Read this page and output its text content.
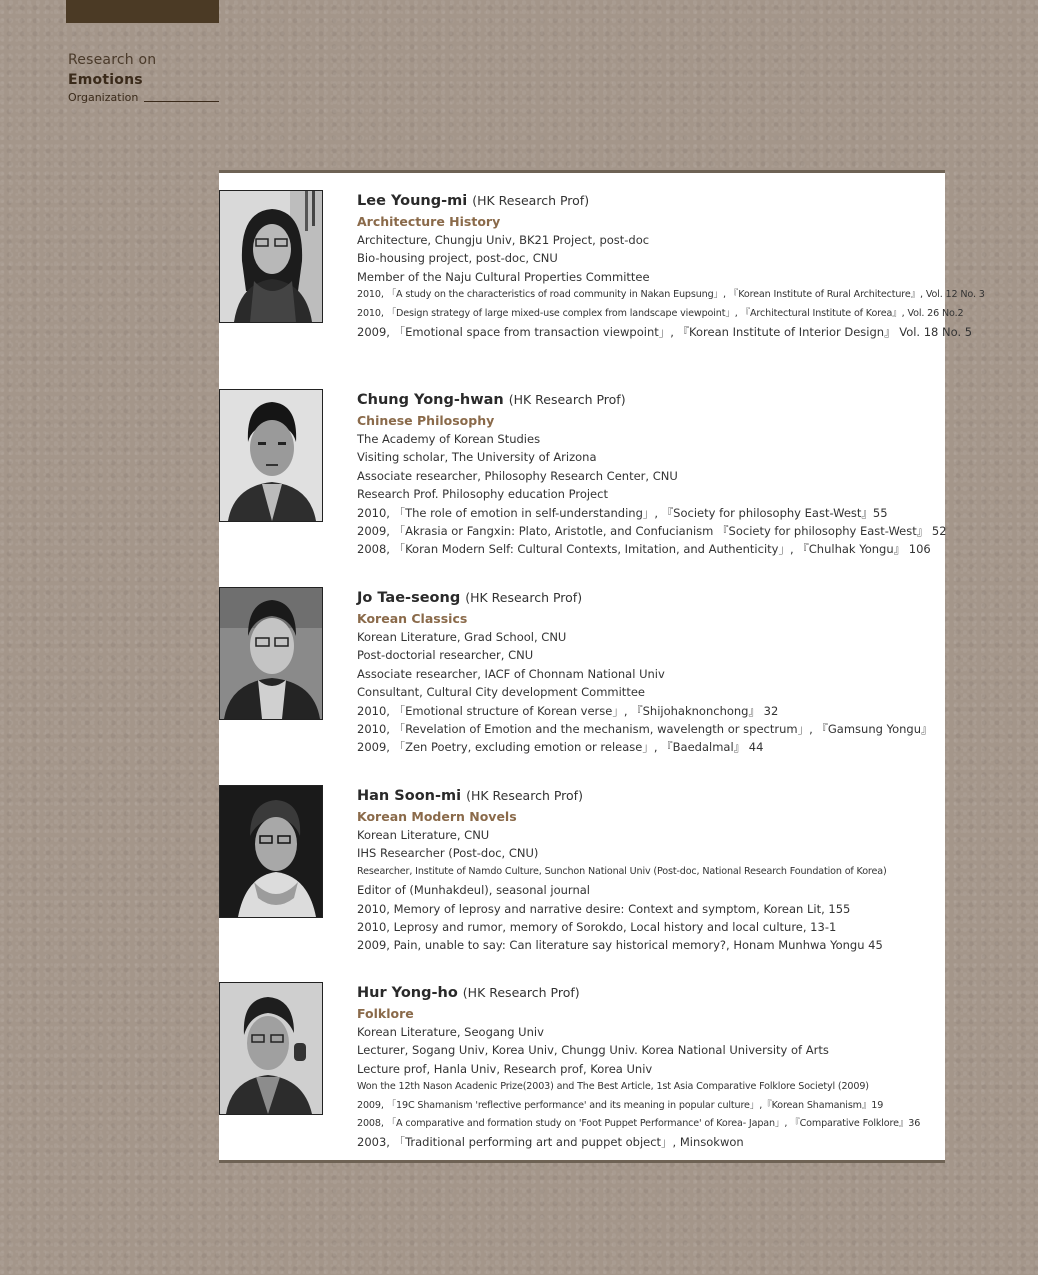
Research on Emotions
Organization
Lee Young-mi (HK Research Prof)
Architecture History
Architecture, Chungju Univ, BK21 Project, post-doc
Bio-housing project, post-doc, CNU
Member of the Naju Cultural Properties Committee
2010, 「A study on the characteristics of road community in Nakan Eupsung」, 『Korean Institute of Rural Architecture』, Vol. 12 No. 3
2010, 「Design strategy of large mixed-use complex from landscape viewpoint」, 『Architectural Institute of Korea』, Vol. 26 No.2
2009, 「Emotional space from transaction viewpoint」, 『Korean Institute of Interior Design』 Vol. 18 No. 5
Chung Yong-hwan (HK Research Prof)
Chinese Philosophy
The Academy of Korean Studies
Visiting scholar, The University of Arizona
Associate researcher, Philosophy Research Center, CNU
Research Prof. Philosophy education Project
2010, 「The role of emotion in self-understanding」, 『Society for philosophy East-West』55
2009, 「Akrasia or Fangxin: Plato, Aristotle, and Confucianism 『Society for philosophy East-West』 52
2008, 「Koran Modern Self: Cultural Contexts, Imitation, and Authenticity」, 『Chulhak Yongu』 106
Jo Tae-seong (HK Research Prof)
Korean Classics
Korean Literature, Grad School, CNU
Post-doctorial researcher, CNU
Associate researcher, IACF of Chonnam National Univ
Consultant, Cultural City development Committee
2010, 「Emotional structure of Korean verse」, 『Shijohaknonchong』 32
2010, 「Revelation of Emotion and the mechanism, wavelength or spectrum」, 『Gamsung Yongu』
2009, 「Zen Poetry, excluding emotion or release」, 『Baedalmal』 44
Han Soon-mi (HK Research Prof)
Korean Modern Novels
Korean Literature, CNU
IHS Researcher (Post-doc, CNU)
Researcher, Institute of Namdo Culture, Sunchon National Univ (Post-doc, National Research Foundation of Korea)
Editor of (Munhakdeul), seasonal journal
2010, Memory of leprosy and narrative desire: Context and symptom, Korean Lit, 155
2010, Leprosy and rumor, memory of Sorokdo, Local history and local culture, 13-1
2009, Pain, unable to say: Can literature say historical memory?, Honam Munhwa Yongu 45
Hur Yong-ho (HK Research Prof)
Folklore
Korean Literature, Seogang Univ
Lecturer, Sogang Univ, Korea Univ, Chungg Univ. Korea National University of Arts
Lecture prof, Hanla Univ, Research prof, Korea Univ
Won the 12th Nason Acadenic Prize(2003) and The Best Article, 1st Asia Comparative Folklore Societyl (2009)
2009, 「19C Shamanism 'reflective performance' and its meaning in popular culture」,『Korean Shamanism』19
2008, 「A comparative and formation study on 'Foot Puppet Performance' of Korea- Japan」, 『Comparative Folklore』36
2003, 「Traditional performing art and puppet object」, Minsokwon
